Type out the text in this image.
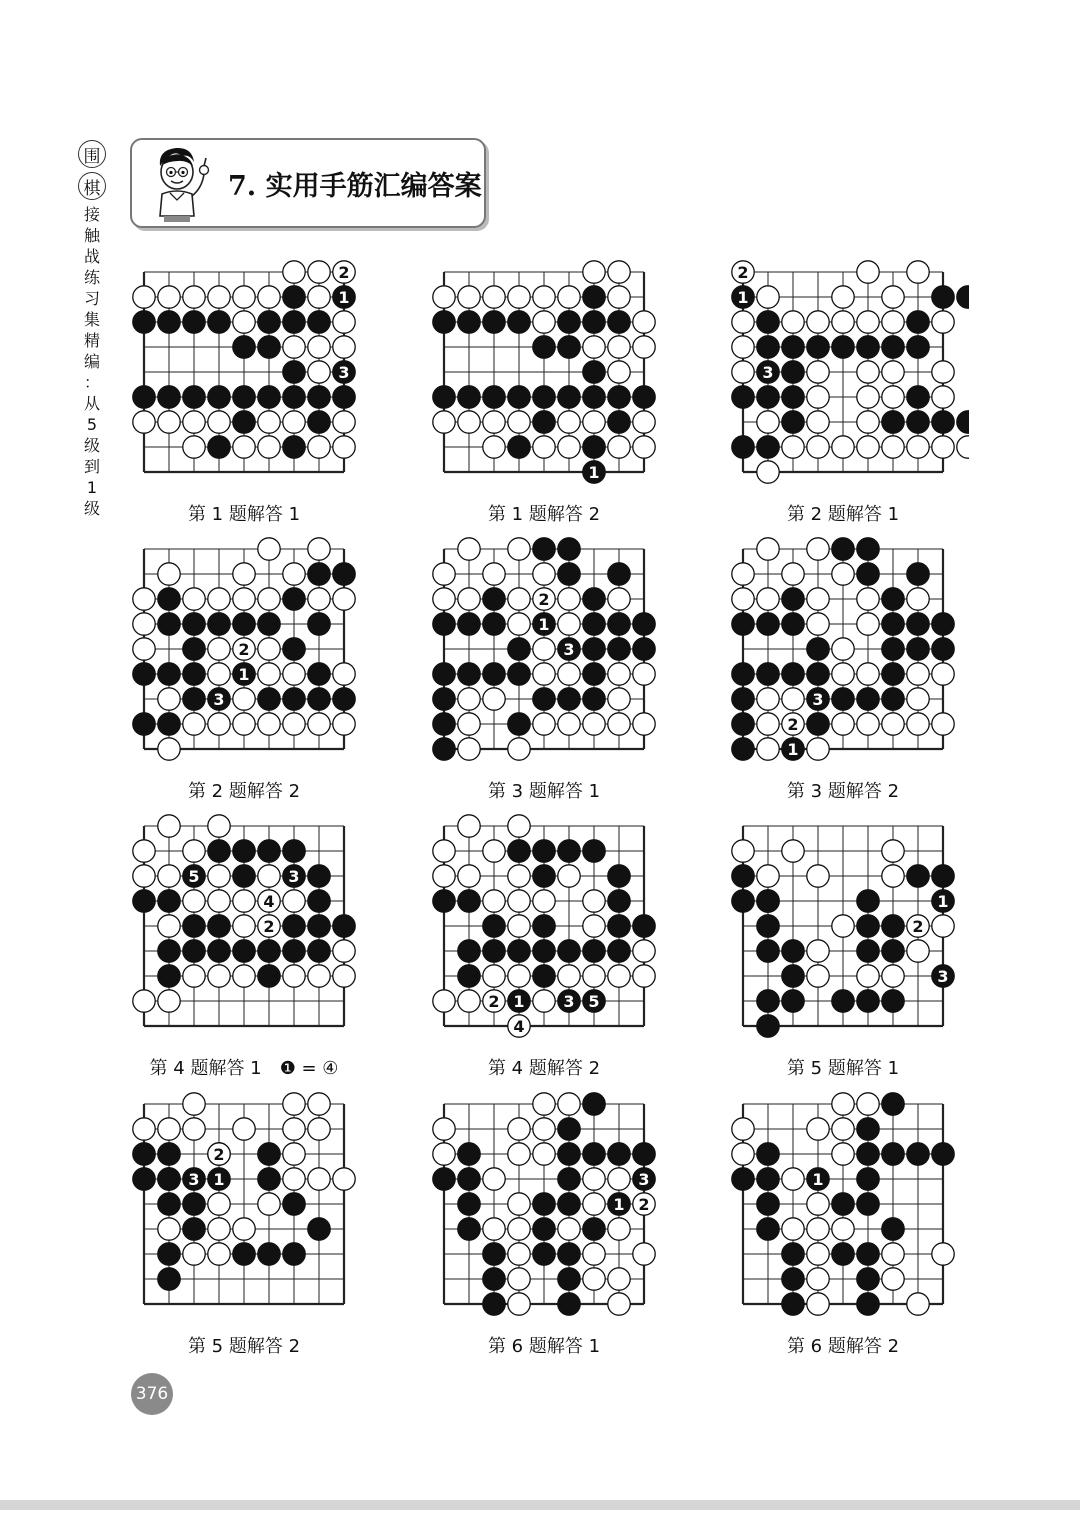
围
棋
接
触
战
练
习
集
精
编
：
从
5
级
到
1
级
7. 实用手筋汇编答案
1
2
3
第 1 题解答 1
1
第 1 题解答 2
1
2
3
第 2 题解答 1
1
2
3
第 2 题解答 2
1
2
3
第 3 题解答 1
1
2
3
第 3 题解答 2
4
2
3
5
第 4 题解答 1 ❶ = ④
1
2	3
4
5
第 4 题解答 2
1
2
3
第 5 题解答 1
1
2
3
第 5 题解答 2
1 2
3
第 6 题解答 1
1
第 6 题解答 2
376
